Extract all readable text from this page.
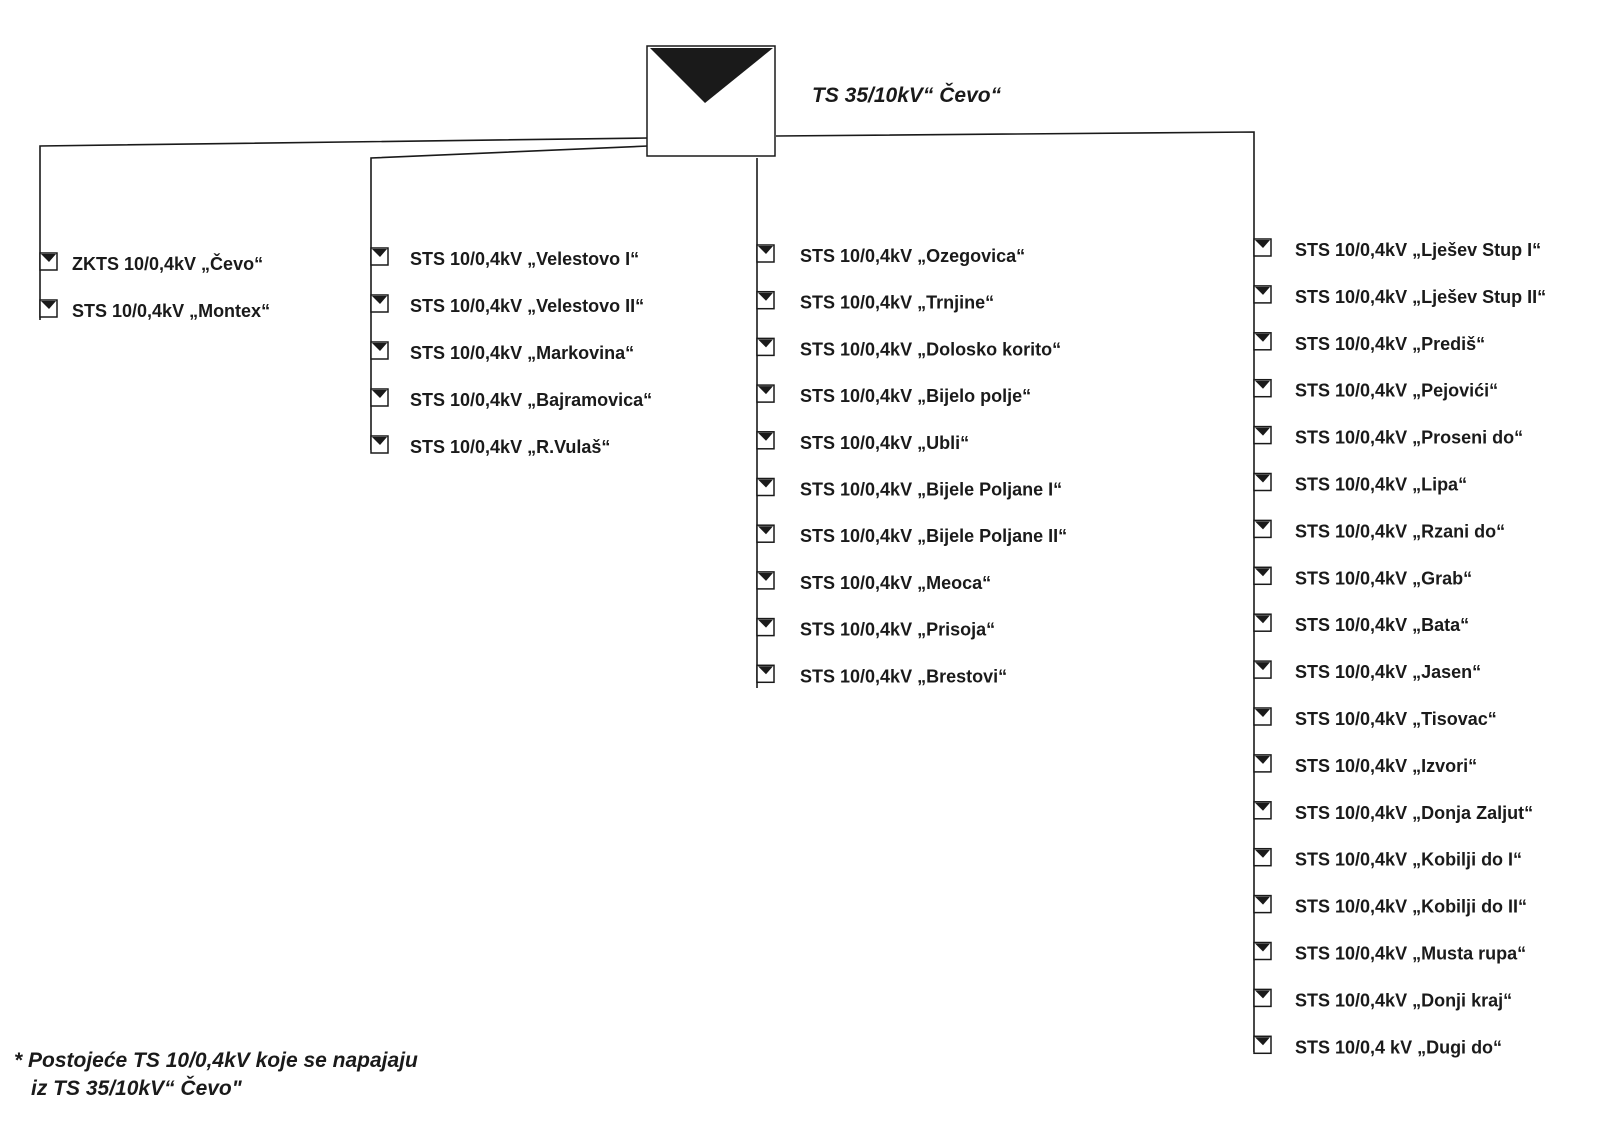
TS 35/10kV“ Čevo“
ZKTS 10/0,4kV „Čevo“
STS 10/0,4kV „Montex“
STS 10/0,4kV „Velestovo I“
STS 10/0,4kV „Velestovo II“
STS 10/0,4kV „Markovina“
STS 10/0,4kV „Bajramovica“
STS 10/0,4kV „R.Vulaš“
STS 10/0,4kV „Ozegovica“
STS 10/0,4kV „Trnjine“
STS 10/0,4kV „Dolosko korito“
STS 10/0,4kV „Bijelo polje“
STS 10/0,4kV „Ubli“
STS 10/0,4kV „Bijele Poljane I“
STS 10/0,4kV „Bijele Poljane II“
STS 10/0,4kV „Meoca“
STS 10/0,4kV „Prisoja“
STS 10/0,4kV „Brestovi“
STS 10/0,4kV „Lješev Stup I“
STS 10/0,4kV „Lješev Stup II“
STS 10/0,4kV „Prediš“
STS 10/0,4kV „Pejovići“
STS 10/0,4kV „Proseni do“
STS 10/0,4kV „Lipa“
STS 10/0,4kV „Rzani do“
STS 10/0,4kV „Grab“
STS 10/0,4kV „Bata“
STS 10/0,4kV „Jasen“
STS 10/0,4kV „Tisovac“
STS 10/0,4kV „Izvori“
STS 10/0,4kV „Donja Zaljut“
STS 10/0,4kV „Kobilji do I“
STS 10/0,4kV „Kobilji do II“
STS 10/0,4kV „Musta rupa“
STS 10/0,4kV „Donji kraj“
STS 10/0,4 kV „Dugi do“
* Postojeće TS 10/0,4kV koje se napajaju
iz TS 35/10kV“ Čevo"
